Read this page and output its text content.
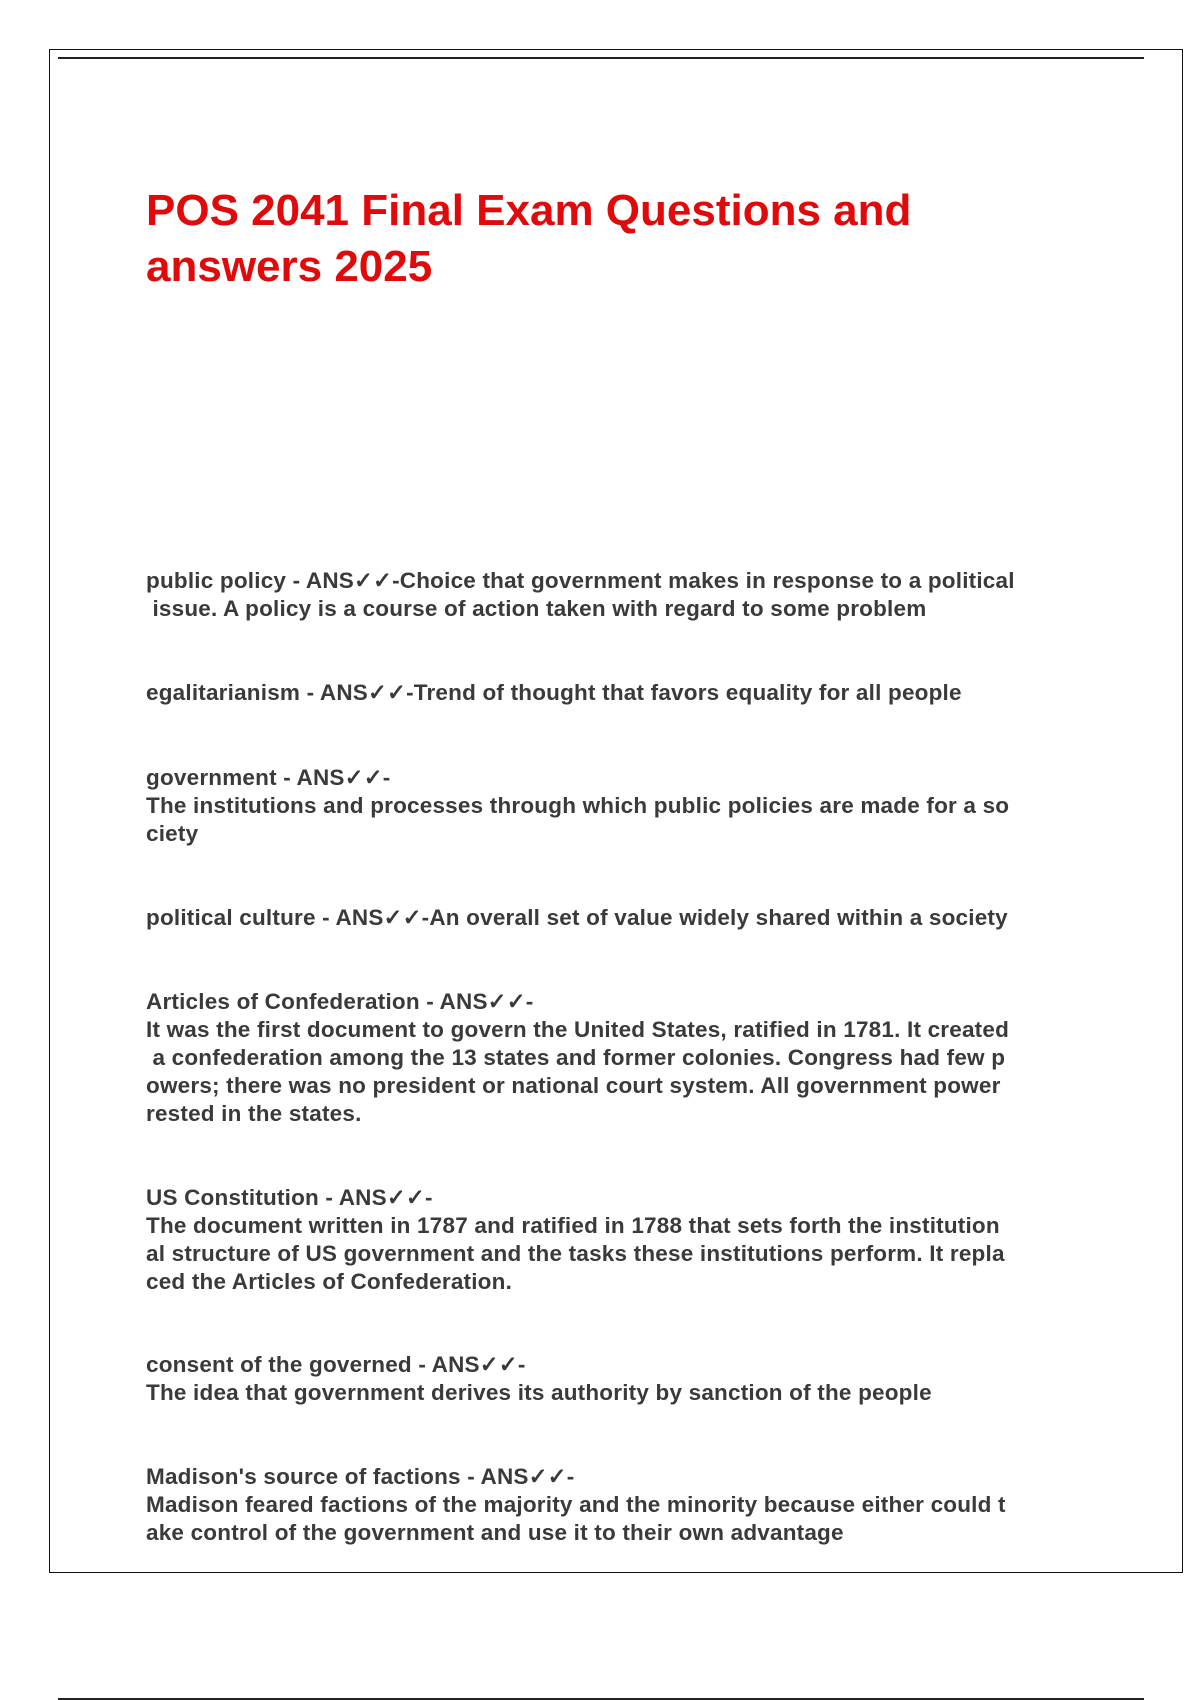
POS 2041 Final Exam Questions and answers 2025

public policy - ANS✓✓-Choice that government makes in response to a political
issue. A policy is a course of action taken with regard to some problem

egalitarianism - ANS✓✓-Trend of thought that favors equality for all people

government - ANS✓✓-
The institutions and processes through which public policies are made for a so
ciety

political culture - ANS✓✓-An overall set of value widely shared within a society

Articles of Confederation - ANS✓✓-
It was the first document to govern the United States, ratified in 1781. It created
a confederation among the 13 states and former colonies. Congress had few p
owers; there was no president or national court system. All government power
rested in the states.

US Constitution - ANS✓✓-
The document written in 1787 and ratified in 1788 that sets forth the institution
al structure of US government and the tasks these institutions perform. It repla
ced the Articles of Confederation.

consent of the governed - ANS✓✓-
The idea that government derives its authority by sanction of the people

Madison's source of factions - ANS✓✓-
Madison feared factions of the majority and the minority because either could t
ake control of the government and use it to their own advantage
